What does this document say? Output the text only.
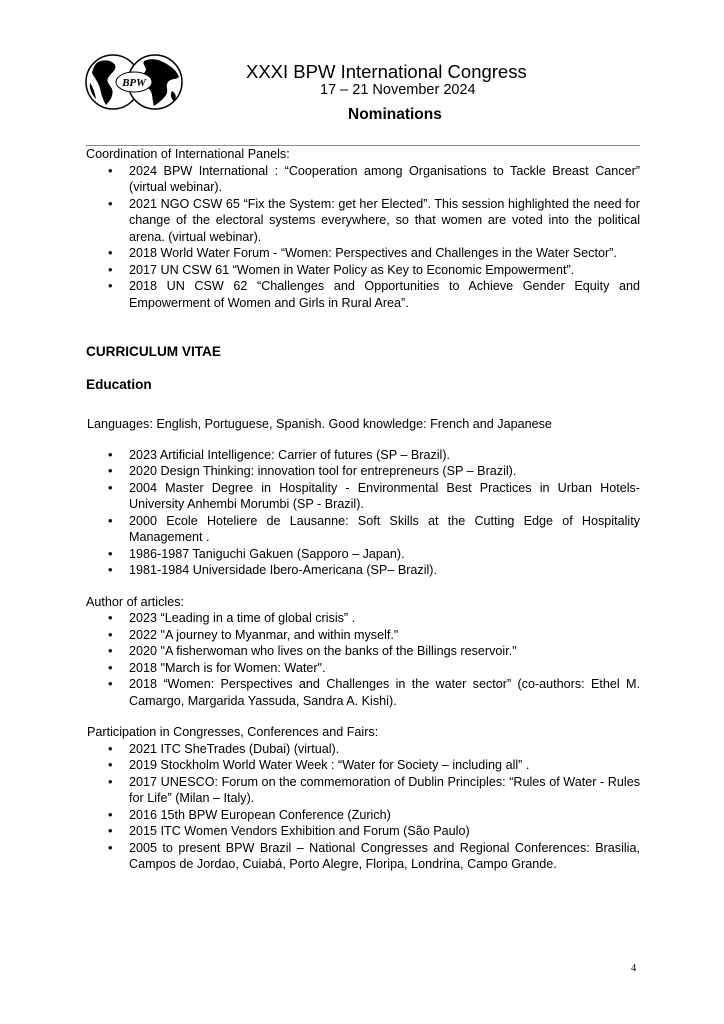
BPW
XXXI BPW International Congress
17 – 21 November 2024
Nominations

Coordination of International Panels:

• 2024 BPW International : “Cooperation among Organisations to Tackle Breast Cancer” (virtual webinar).
• 2021 NGO CSW 65 “Fix the System: get her Elected”. This session highlighted the need for change of the electoral systems everywhere, so that women are voted into the political arena. (virtual webinar).
• 2018 World Water Forum - “Women: Perspectives and Challenges in the Water Sector”.
• 2017 UN CSW 61 “Women in Water Policy as Key to Economic Empowerment”.
• 2018 UN CSW 62 “Challenges and Opportunities to Achieve Gender Equity and Empowerment of Women and Girls in Rural Area”.

CURRICULUM VITAE

Education

Languages: English, Portuguese, Spanish. Good knowledge: French and Japanese

• 2023 Artificial Intelligence: Carrier of futures (SP – Brazil).
• 2020 Design Thinking: innovation tool for entrepreneurs (SP – Brazil).
• 2004 Master Degree in Hospitality - Environmental Best Practices in Urban Hotels- University Anhembi Morumbi (SP - Brazil).
• 2000 Ecole Hoteliere de Lausanne: Soft Skills at the Cutting Edge of Hospitality Management .
• 1986-1987 Taniguchi Gakuen (Sapporo – Japan).
• 1981-1984 Universidade Ibero-Americana (SP– Brazil).

Author of articles:

• 2023 “Leading in a time of global crisis” .
• 2022 "A journey to Myanmar, and within myself."
• 2020 "A fisherwoman who lives on the banks of the Billings reservoir."
• 2018 "March is for Women: Water".
• 2018 “Women: Perspectives and Challenges in the water sector” (co-authors: Ethel M. Camargo, Margarida Yassuda, Sandra A. Kishi).

Participation in Congresses, Conferences and Fairs:

• 2021 ITC SheTrades (Dubai) (virtual).
• 2019 Stockholm World Water Week : “Water for Society – including all” .
• 2017 UNESCO: Forum on the commemoration of Dublin Principles: “Rules of Water - Rules for Life” (Milan – Italy).
• 2016 15th BPW European Conference (Zurich)
• 2015 ITC Women Vendors Exhibition and Forum (São Paulo)
• 2005 to present BPW Brazil – National Congresses and Regional Conferences: Brasilia, Campos de Jordao, Cuiabá, Porto Alegre, Floripa, Londrina, Campo Grande.
4
